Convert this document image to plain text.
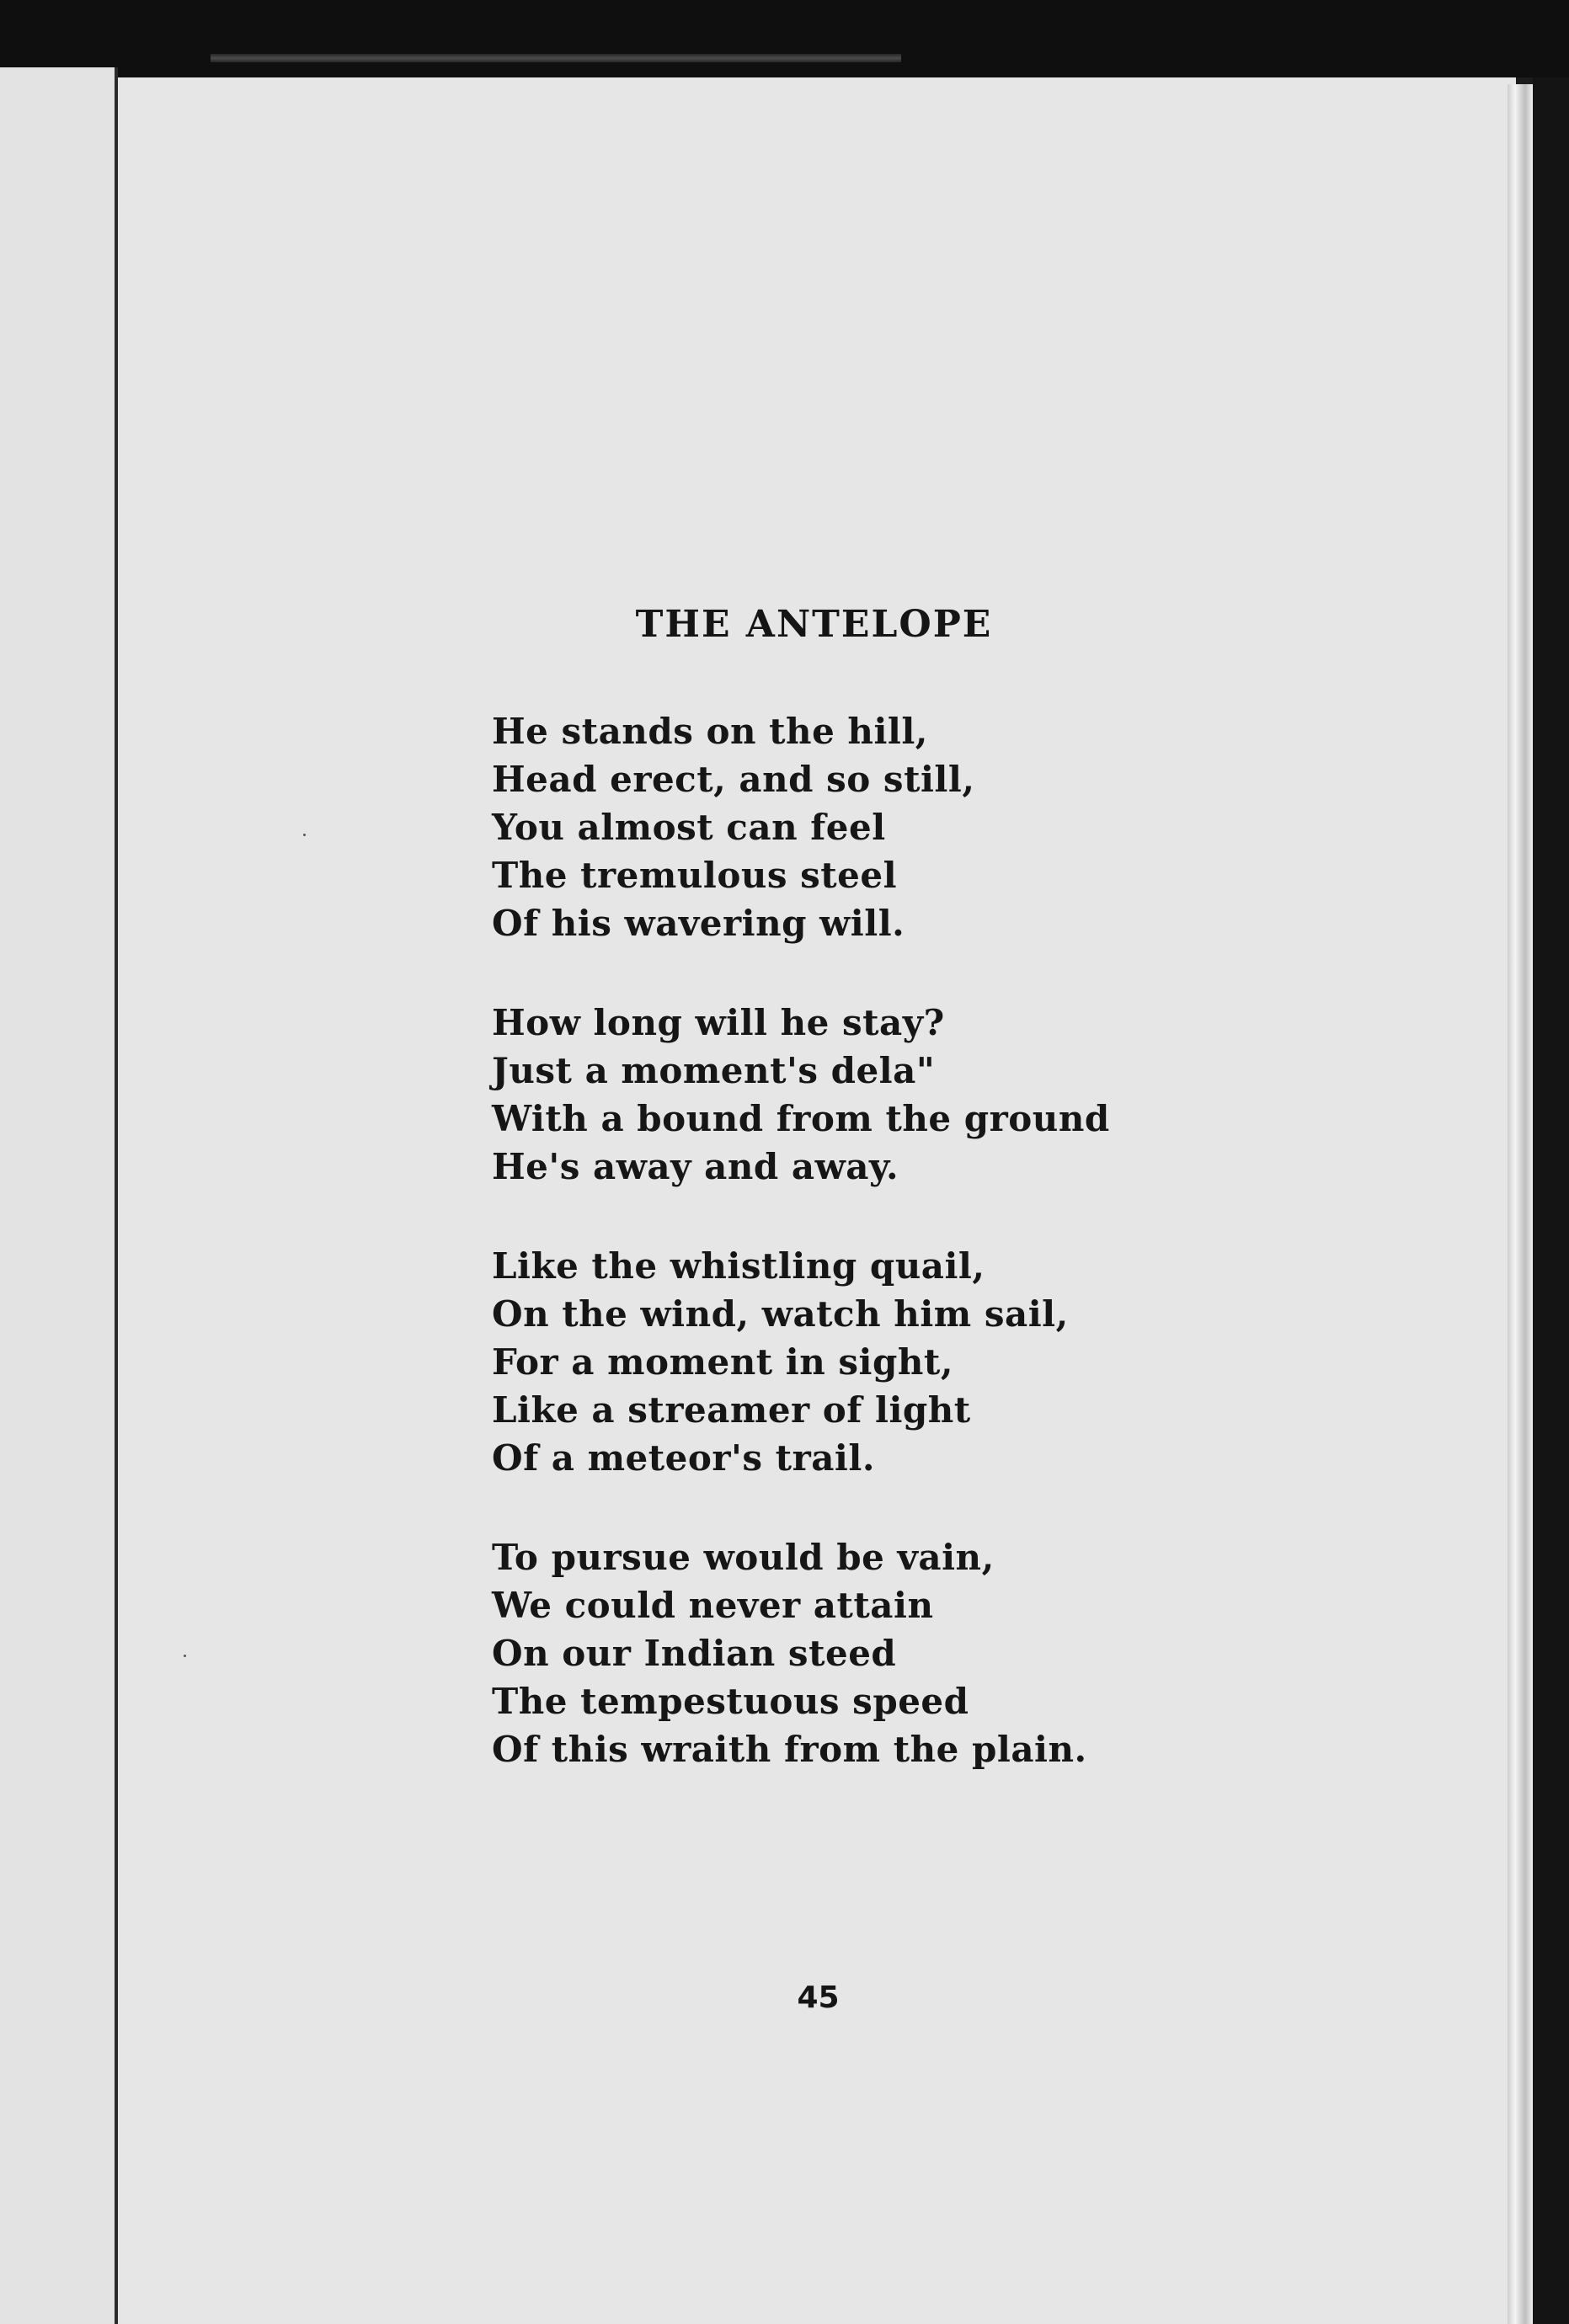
THE ANTELOPE
He stands on the hill,
Head erect, and so still,
You almost can feel
The tremulous steel
Of his wavering will.
How long will he stay?
Just a moment's dela"
With a bound from the ground
He's away and away.
Like the whistling quail,
On the wind, watch him sail,
For a moment in sight,
Like a streamer of light
Of a meteor's trail.
To pursue would be vain,
We could never attain
On our Indian steed
The tempestuous speed
Of this wraith from the plain.
45
